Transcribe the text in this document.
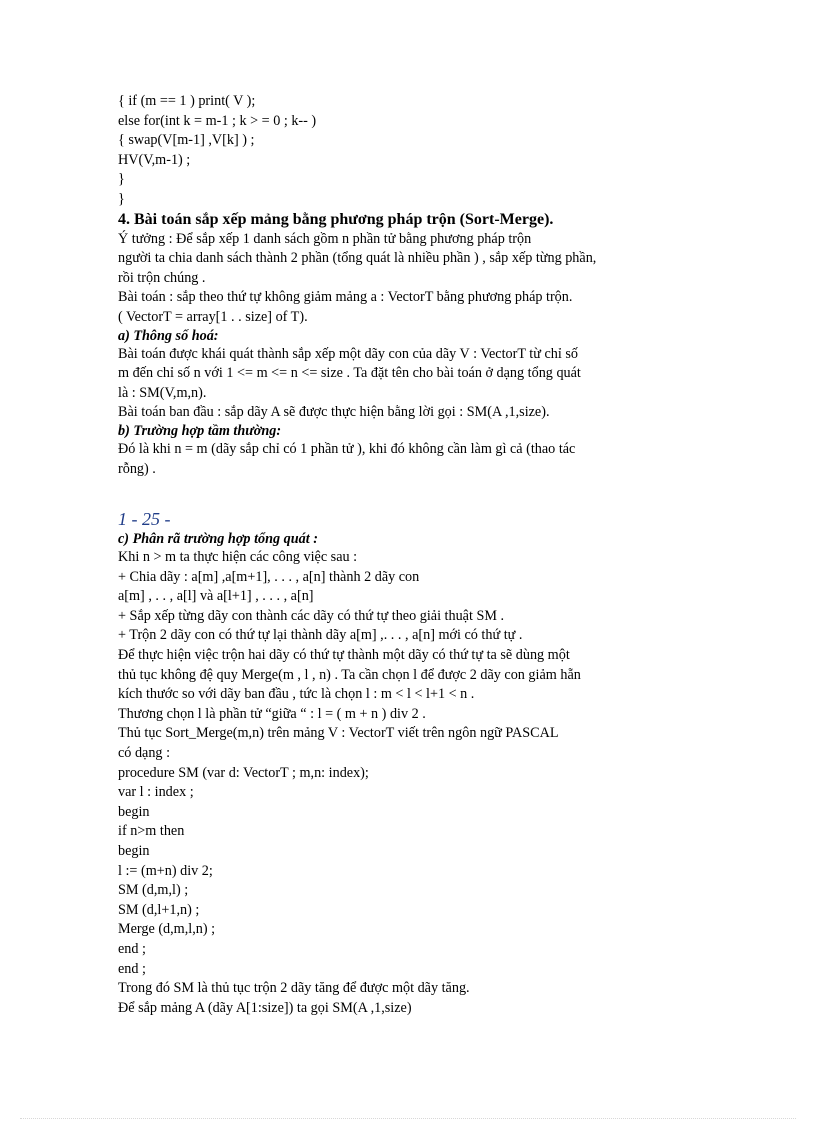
{ if (m == 1 ) print( V );
else for(int k = m-1 ; k > = 0 ; k-- )
{ swap(V[m-1] ,V[k] ) ;
HV(V,m-1) ;
}
}
4. Bài toán sắp xếp mảng bằng phương pháp trộn (Sort-Merge).
Ý tưởng : Để sắp xếp 1 danh sách gồm n phần tử bằng phương pháp trộn
người ta chia danh sách thành 2 phần (tổng quát là nhiều phần ) , sắp xếp từng phần,
rồi trộn chúng .
Bài toán : sắp theo thứ tự không giảm mảng a : VectorT bằng phương pháp trộn.
( VectorT = array[1 . . size] of T).
a) Thông số hoá:
Bài toán được khái quát thành sắp xếp một dãy con của dãy V : VectorT từ chỉ số
m đến chỉ số n với 1 <= m <= n <= size . Ta đặt tên cho bài toán ở dạng tổng quát
là : SM(V,m,n).
Bài toán ban đầu : sắp dãy A sẽ được thực hiện bằng lời gọi : SM(A ,1,size).
b) Trường hợp tầm thường:
Đó là khi n = m (dãy sắp chỉ có 1 phần tử ), khi đó không cần làm gì cả (thao tác
rỗng) .
1 - 25 -
c) Phân rã trường hợp tổng quát :
Khi n > m ta thực hiện các công việc sau :
+ Chia dãy : a[m] ,a[m+1], . . . , a[n] thành 2 dãy con
a[m] , . . , a[l] và a[l+1] , . . . , a[n]
+ Sắp xếp từng dãy con thành các dãy có thứ tự theo giải thuật SM .
+ Trộn 2 dãy con có thứ tự lại thành dãy a[m] ,. . . , a[n] mới có thứ tự .
Để thực hiện việc trộn hai dãy có thứ tự thành một dãy có thứ tự ta sẽ dùng một
thủ tục không đệ quy Merge(m , l , n) . Ta cần chọn l để được 2 dãy con giảm hẵn
kích thước so với dãy ban đầu , tức là chọn l : m < l < l+1 < n .
Thương chọn l là phần tử “giữa “ : l = ( m + n ) div 2 .
Thủ tục Sort_Merge(m,n) trên mảng V : VectorT viết trên ngôn ngữ PASCAL
có dạng :
procedure SM (var d: VectorT ; m,n: index);
var l : index ;
begin
if n>m then
begin
l := (m+n) div 2;
SM (d,m,l) ;
SM (d,l+1,n) ;
Merge (d,m,l,n) ;
end ;
end ;
Trong đó SM là thủ tục trộn 2 dãy tăng để được một dãy tăng.
Để sắp mảng A (dãy A[1:size]) ta gọi SM(A ,1,size)
